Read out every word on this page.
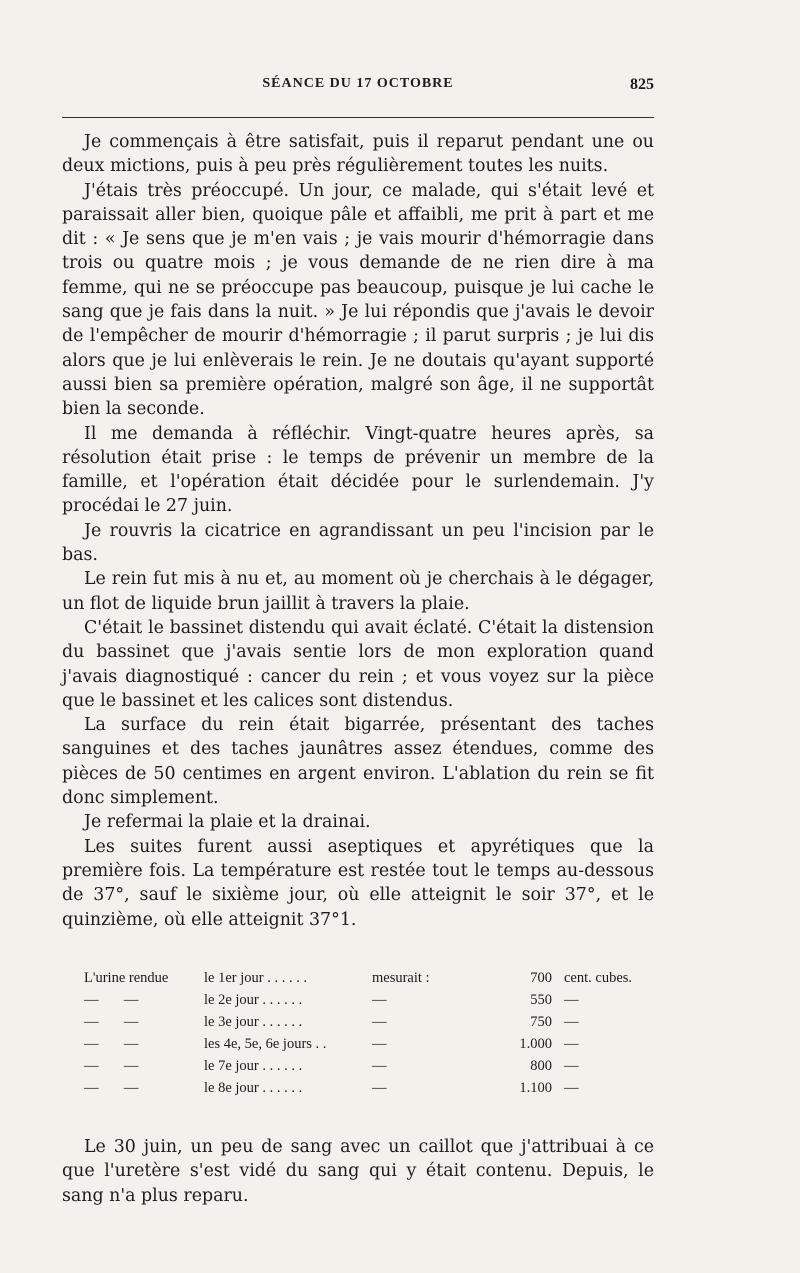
SÉANCE DU 17 OCTOBRE	825

Je commençais à être satisfait, puis il reparut pendant une ou deux mictions, puis à peu près régulièrement toutes les nuits.

J'étais très préoccupé. Un jour, ce malade, qui s'était levé et paraissait aller bien, quoique pâle et affaibli, me prit à part et me dit : « Je sens que je m'en vais ; je vais mourir d'hémorragie dans trois ou quatre mois ; je vous demande de ne rien dire à ma femme, qui ne se préoccupe pas beaucoup, puisque je lui cache le sang que je fais dans la nuit. » Je lui répondis que j'avais le devoir de l'empêcher de mourir d'hémorragie ; il parut surpris ; je lui dis alors que je lui enlèverais le rein. Je ne doutais qu'ayant supporté aussi bien sa première opération, malgré son âge, il ne supportât bien la seconde.

Il me demanda à réfléchir. Vingt-quatre heures après, sa résolution était prise : le temps de prévenir un membre de la famille, et l'opération était décidée pour le surlendemain. J'y procédai le 27 juin.

Je rouvris la cicatrice en agrandissant un peu l'incision par le bas.

Le rein fut mis à nu et, au moment où je cherchais à le dégager, un flot de liquide brun jaillit à travers la plaie.

C'était le bassinet distendu qui avait éclaté. C'était la distension du bassinet que j'avais sentie lors de mon exploration quand j'avais diagnostiqué : cancer du rein ; et vous voyez sur la pièce que le bassinet et les calices sont distendus.

La surface du rein était bigarrée, présentant des taches sanguines et des taches jaunâtres assez étendues, comme des pièces de 50 centimes en argent environ. L'ablation du rein se fit donc simplement.

Je refermai la plaie et la drainai.

Les suites furent aussi aseptiques et apyrétiques que la première fois. La température est restée tout le temps au-dessous de 37°, sauf le sixième jour, où elle atteignit le soir 37°, et le quinzième, où elle atteignit 37°1.

L'urine rendue	le 1er jour . . . . . .	mesurait :	700 cent. cubes.
—       —	le 2e jour . . . . . .	—	550 —
—       —	le 3e jour . . . . . .	—	750 —
—       —	les 4e, 5e, 6e jours . .	—	1.000 —
—       —	le 7e jour . . . . . .	—	800 —
—       —	le 8e jour . . . . . .	—	1.100 —

Le 30 juin, un peu de sang avec un caillot que j'attribuai à ce que l'uretère s'est vidé du sang qui y était contenu. Depuis, le sang n'a plus reparu.
